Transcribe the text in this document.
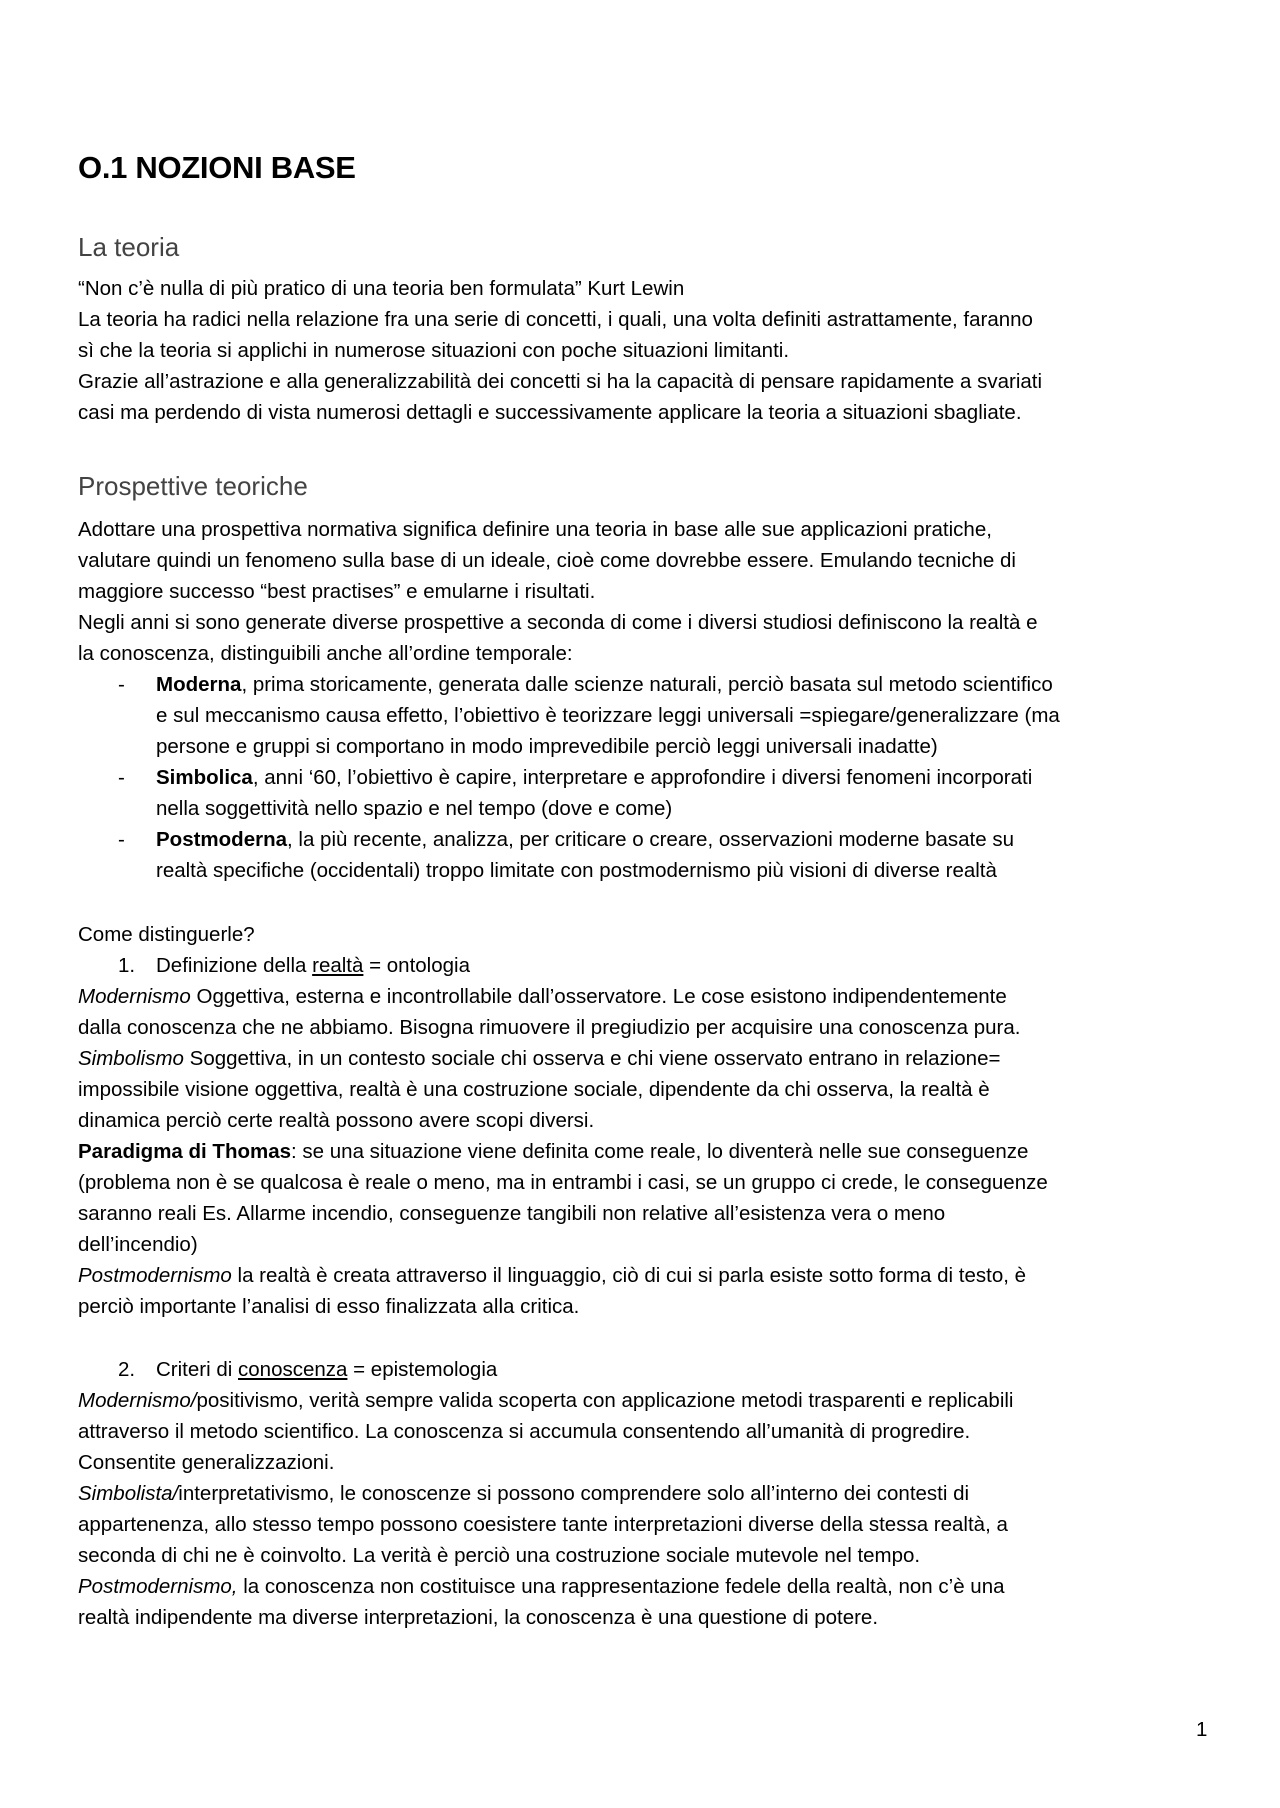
O.1 NOZIONI BASE
La teoria

“Non c’è nulla di più pratico di una teoria ben formulata” Kurt Lewin

La teoria ha radici nella relazione fra una serie di concetti, i quali, una volta definiti astrattamente, faranno

sì che la teoria si applichi in numerose situazioni con poche situazioni limitanti.

Grazie all’astrazione e alla generalizzabilità dei concetti si ha la capacità di pensare rapidamente a svariati

casi ma perdendo di vista numerosi dettagli e successivamente applicare la teoria a situazioni sbagliate.

Prospettive teoriche

Adottare una prospettiva normativa significa definire una teoria in base alle sue applicazioni pratiche,

valutare quindi un fenomeno sulla base di un ideale, cioè come dovrebbe essere. Emulando tecniche di

maggiore successo “best practises” e emularne i risultati.

Negli anni si sono generate diverse prospettive a seconda di come i diversi studiosi definiscono la realtà e

la conoscenza, distinguibili anche all’ordine temporale:

- Moderna, prima storicamente, generata dalle scienze naturali, perciò basata sul metodo scientifico

e sul meccanismo causa effetto, l’obiettivo è teorizzare leggi universali =spiegare/generalizzare (ma

persone e gruppi si comportano in modo imprevedibile perciò leggi universali inadatte)

- Simbolica, anni ‘60, l’obiettivo è capire, interpretare e approfondire i diversi fenomeni incorporati

nella soggettività nello spazio e nel tempo (dove e come)

- Postmoderna, la più recente, analizza, per criticare o creare, osservazioni moderne basate su

realtà specifiche (occidentali) troppo limitate con postmodernismo più visioni di diverse realtà

Come distinguerle?

1. Definizione della realtà = ontologia

Modernismo Oggettiva, esterna e incontrollabile dall’osservatore. Le cose esistono indipendentemente

dalla conoscenza che ne abbiamo. Bisogna rimuovere il pregiudizio per acquisire una conoscenza pura.

Simbolismo Soggettiva, in un contesto sociale chi osserva e chi viene osservato entrano in relazione=

impossibile visione oggettiva, realtà è una costruzione sociale, dipendente da chi osserva, la realtà è

dinamica perciò certe realtà possono avere scopi diversi.

Paradigma di Thomas: se una situazione viene definita come reale, lo diventerà nelle sue conseguenze

(problema non è se qualcosa è reale o meno, ma in entrambi i casi, se un gruppo ci crede, le conseguenze

saranno reali Es. Allarme incendio, conseguenze tangibili non relative all’esistenza vera o meno

dell’incendio)

Postmodernismo la realtà è creata attraverso il linguaggio, ciò di cui si parla esiste sotto forma di testo, è

perciò importante l’analisi di esso finalizzata alla critica.

2. Criteri di conoscenza = epistemologia

Modernismo/positivismo, verità sempre valida scoperta con applicazione metodi trasparenti e replicabili

attraverso il metodo scientifico. La conoscenza si accumula consentendo all’umanità di progredire.

Consentite generalizzazioni.

Simbolista/interpretativismo, le conoscenze si possono comprendere solo all’interno dei contesti di

appartenenza, allo stesso tempo possono coesistere tante interpretazioni diverse della stessa realtà, a

seconda di chi ne è coinvolto. La verità è perciò una costruzione sociale mutevole nel tempo.

Postmodernismo, la conoscenza non costituisce una rappresentazione fedele della realtà, non c’è una

realtà indipendente ma diverse interpretazioni, la conoscenza è una questione di potere.

1
